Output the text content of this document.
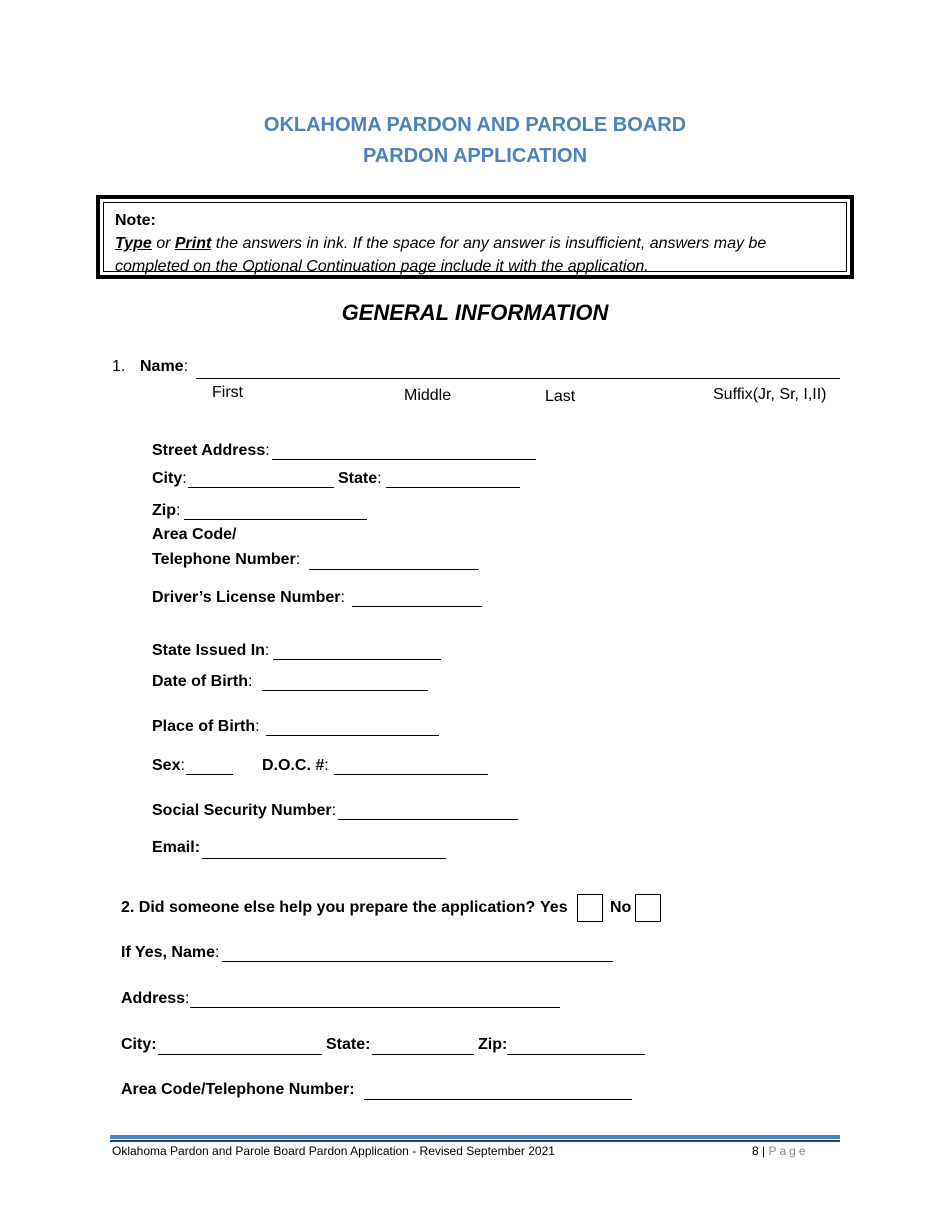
OKLAHOMA PARDON AND PAROLE BOARD
PARDON APPLICATION
Note:
Type or Print the answers in ink. If the space for any answer is insufficient, answers may be
completed on the Optional Continuation page include it with the application.
GENERAL INFORMATION
1. Name:
First	Middle	Last	Suffix(Jr, Sr, I,II)
Street Address:
City:	State:
Zip:
Area Code/
Telephone Number:
Driver’s License Number:
State Issued In:
Date of Birth:
Place of Birth:
Sex:	D.O.C. #:
Social Security Number:
Email:
2. Did someone else help you prepare the application? Yes	No
If Yes, Name:
Address:
City:	State:	Zip:
Area Code/Telephone Number:
Oklahoma Pardon and Parole Board Pardon Application - Revised September 2021	8 | Page
